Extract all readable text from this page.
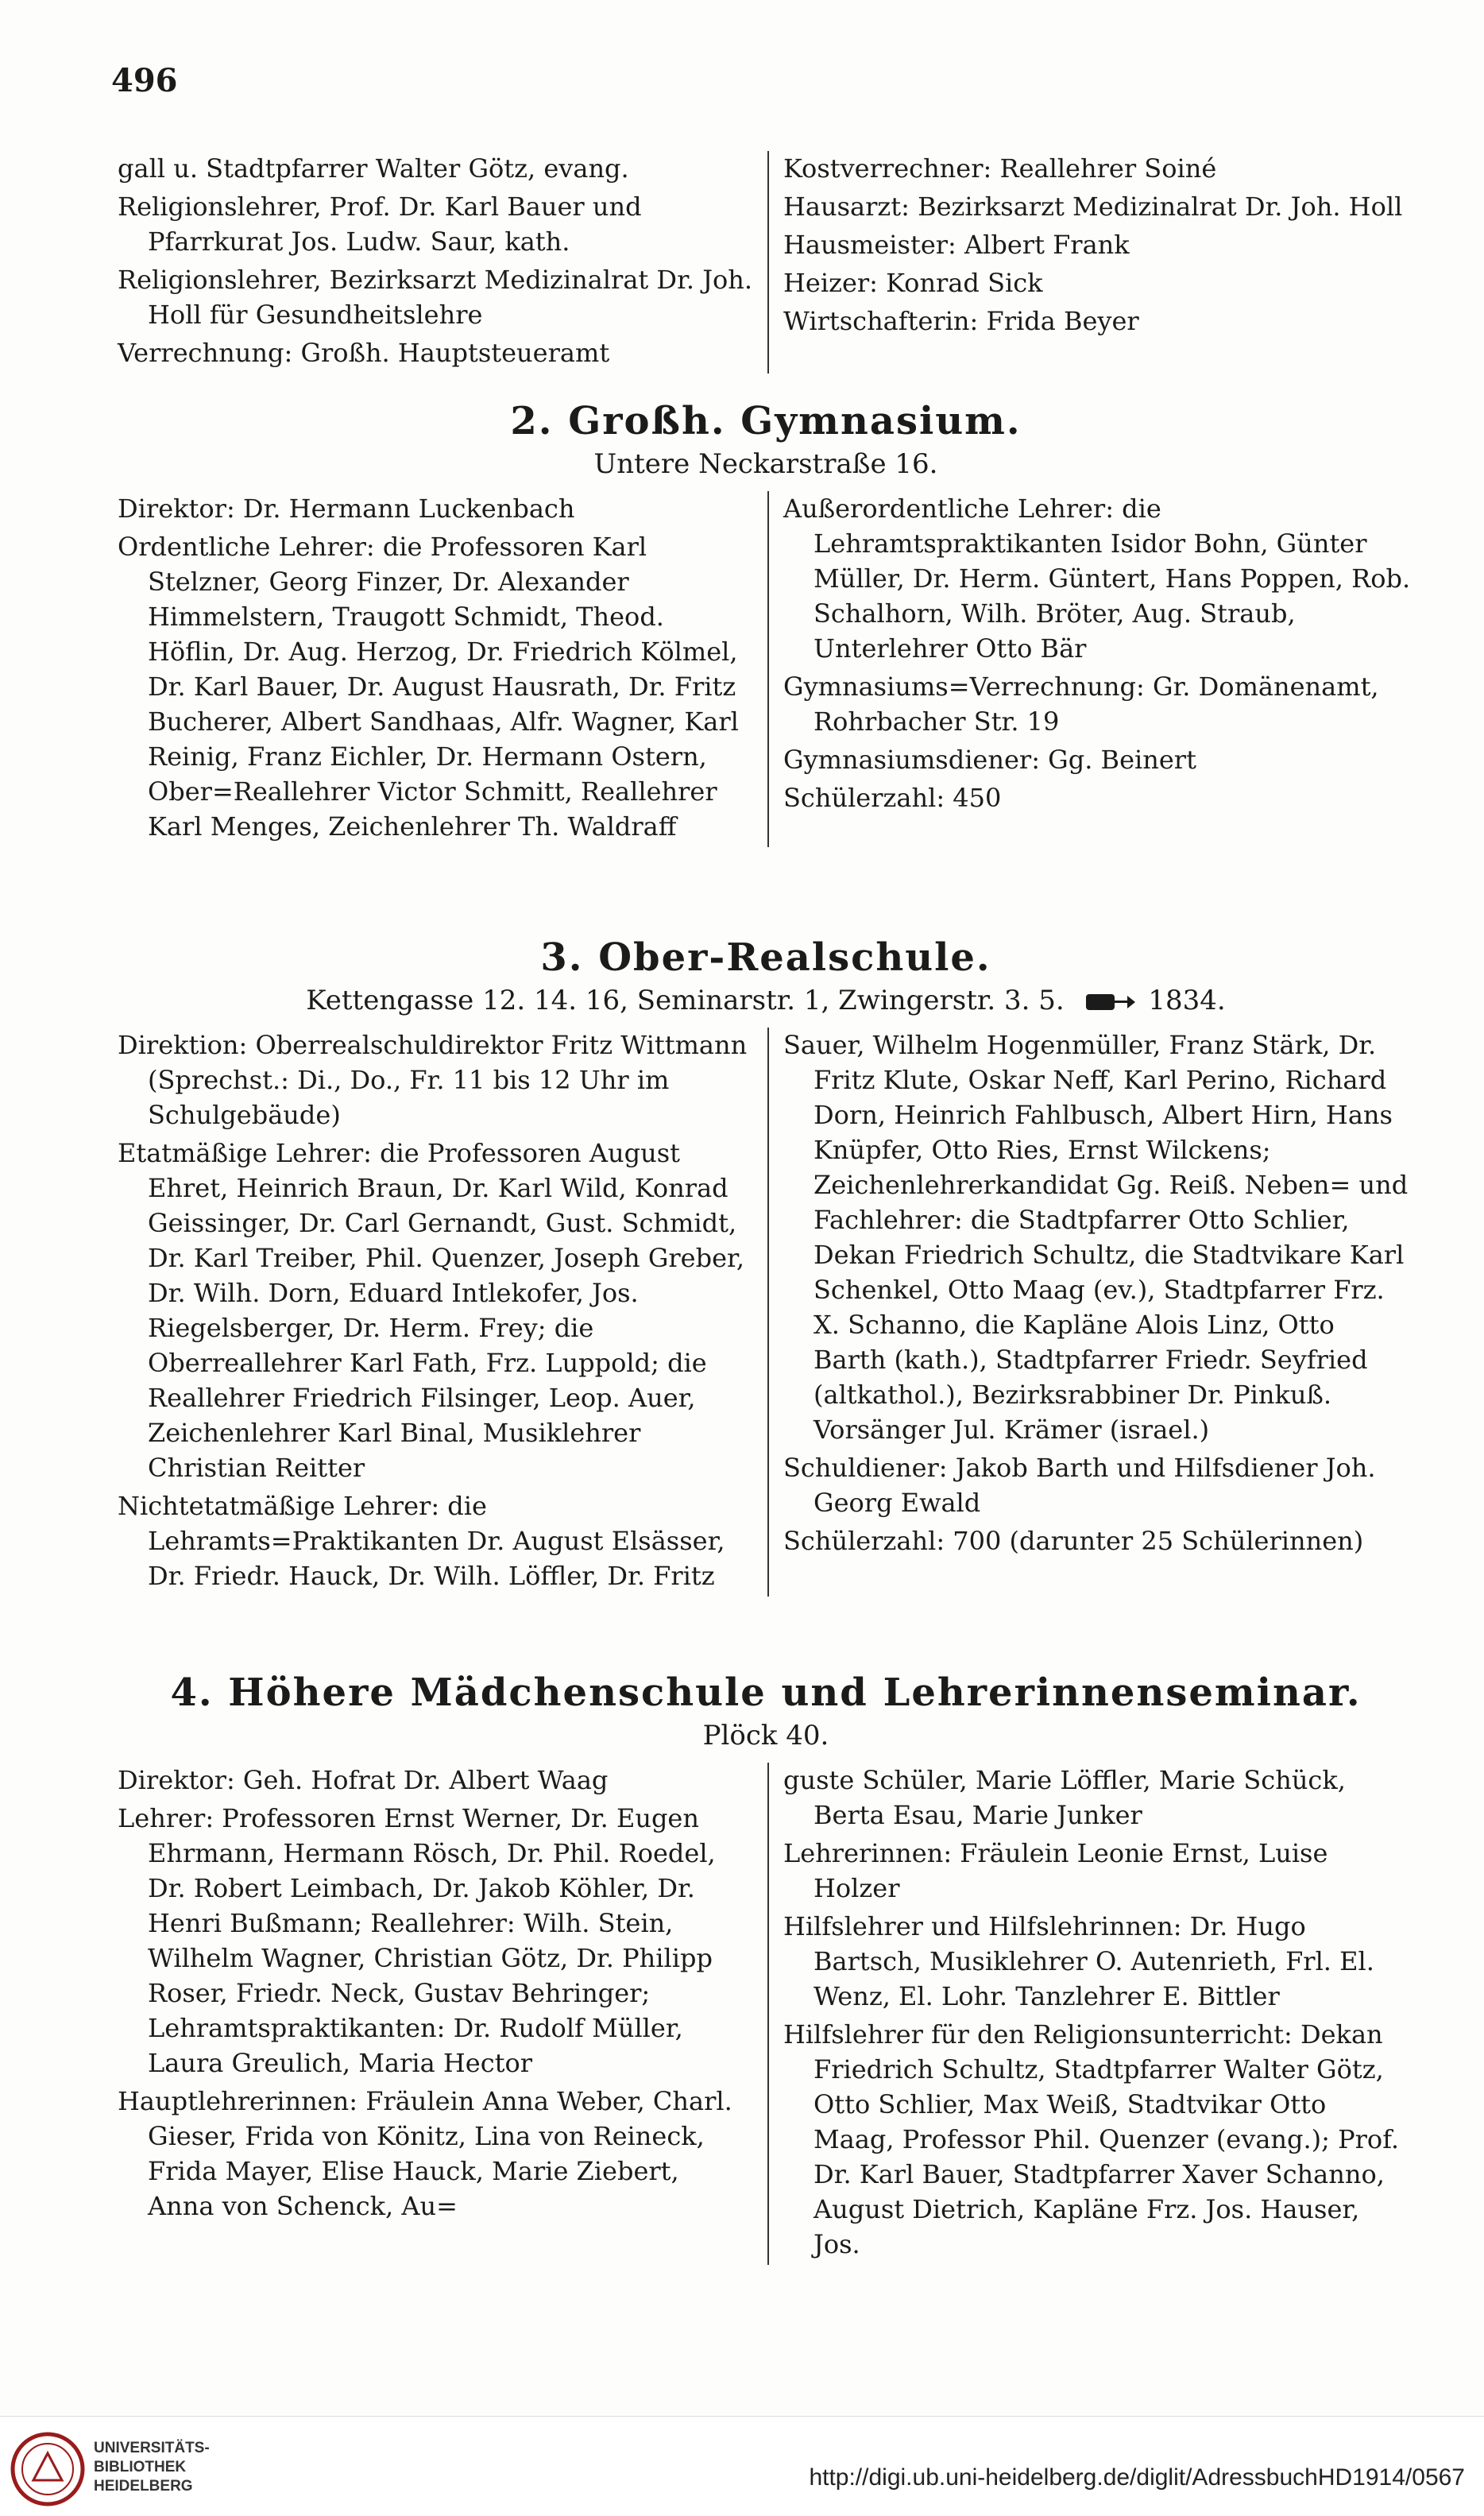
496

gall u. Stadtpfarrer Walter Götz, evang.

Religionslehrer, Prof. Dr. Karl Bauer und Pfarrkurat Jos. Ludw. Saur, kath.

Religionslehrer, Bezirksarzt Medizinalrat Dr. Joh. Holl für Gesundheitslehre

Verrechnung: Großh. Hauptsteueramt

Kostverrechner: Reallehrer Soiné

Hausarzt: Bezirksarzt Medizinalrat Dr. Joh. Holl

Hausmeister: Albert Frank

Heizer: Konrad Sick

Wirtschafterin: Frida Beyer

2. Großh. Gymnasium.

Untere Neckarstraße 16.

Direktor: Dr. Hermann Luckenbach

Ordentliche Lehrer: die Professoren Karl Stelzner, Georg Finzer, Dr. Alexander Himmelstern, Traugott Schmidt, Theod. Höflin, Dr. Aug. Herzog, Dr. Friedrich Kölmel, Dr. Karl Bauer, Dr. August Hausrath, Dr. Fritz Bucherer, Albert Sandhaas, Alfr. Wagner, Karl Reinig, Franz Eichler, Dr. Hermann Ostern, Ober=Reallehrer Victor Schmitt, Reallehrer Karl Menges, Zeichenlehrer Th. Waldraff

Außerordentliche Lehrer: die Lehramtspraktikanten Isidor Bohn, Günter Müller, Dr. Herm. Güntert, Hans Poppen, Rob. Schalhorn, Wilh. Bröter, Aug. Straub, Unterlehrer Otto Bär

Gymnasiums=Verrechnung: Gr. Domänenamt, Rohrbacher Str. 19

Gymnasiumsdiener: Gg. Beinert

Schülerzahl: 450

3. Ober-Realschule.

Kettengasse 12. 14. 16, Seminarstr. 1, Zwingerstr. 3. 5.	1834.

Direktion: Oberrealschuldirektor Fritz Wittmann (Sprechst.: Di., Do., Fr. 11 bis 12 Uhr im Schulgebäude)

Etatmäßige Lehrer: die Professoren August Ehret, Heinrich Braun, Dr. Karl Wild, Konrad Geissinger, Dr. Carl Gernandt, Gust. Schmidt, Dr. Karl Treiber, Phil. Quenzer, Joseph Greber, Dr. Wilh. Dorn, Eduard Intlekofer, Jos. Riegelsberger, Dr. Herm. Frey; die Oberreallehrer Karl Fath, Frz. Luppold; die Reallehrer Friedrich Filsinger, Leop. Auer, Zeichenlehrer Karl Binal, Musiklehrer Christian Reitter

Nichtetatmäßige Lehrer: die Lehramts=Praktikanten Dr. August Elsässer, Dr. Friedr. Hauck, Dr. Wilh. Löffler, Dr. Fritz

Sauer, Wilhelm Hogenmüller, Franz Stärk, Dr. Fritz Klute, Oskar Neff, Karl Perino, Richard Dorn, Heinrich Fahlbusch, Albert Hirn, Hans Knüpfer, Otto Ries, Ernst Wilckens; Zeichenlehrerkandidat Gg. Reiß. Neben= und Fachlehrer: die Stadtpfarrer Otto Schlier, Dekan Friedrich Schultz, die Stadtvikare Karl Schenkel, Otto Maag (ev.), Stadtpfarrer Frz. X. Schanno, die Kapläne Alois Linz, Otto Barth (kath.), Stadtpfarrer Friedr. Seyfried (altkathol.), Bezirksrabbiner Dr. Pinkuß. Vorsänger Jul. Krämer (israel.)

Schuldiener: Jakob Barth und Hilfsdiener Joh. Georg Ewald

Schülerzahl: 700 (darunter 25 Schülerinnen)

4. Höhere Mädchenschule und Lehrerinnenseminar.

Plöck 40.

Direktor: Geh. Hofrat Dr. Albert Waag

Lehrer: Professoren Ernst Werner, Dr. Eugen Ehrmann, Hermann Rösch, Dr. Phil. Roedel, Dr. Robert Leimbach, Dr. Jakob Köhler, Dr. Henri Bußmann; Reallehrer: Wilh. Stein, Wilhelm Wagner, Christian Götz, Dr. Philipp Roser, Friedr. Neck, Gustav Behringer; Lehramtspraktikanten: Dr. Rudolf Müller, Laura Greulich, Maria Hector

Hauptlehrerinnen: Fräulein Anna Weber, Charl. Gieser, Frida von Könitz, Lina von Reineck, Frida Mayer, Elise Hauck, Marie Ziebert, Anna von Schenck, Au=

guste Schüler, Marie Löffler, Marie Schück, Berta Esau, Marie Junker

Lehrerinnen: Fräulein Leonie Ernst, Luise Holzer

Hilfslehrer und Hilfslehrinnen: Dr. Hugo Bartsch, Musiklehrer O. Autenrieth, Frl. El. Wenz, El. Lohr. Tanzlehrer E. Bittler

Hilfslehrer für den Religionsunterricht: Dekan Friedrich Schultz, Stadtpfarrer Walter Götz, Otto Schlier, Max Weiß, Stadtvikar Otto Maag, Professor Phil. Quenzer (evang.); Prof. Dr. Karl Bauer, Stadtpfarrer Xaver Schanno, August Dietrich, Kapläne Frz. Jos. Hauser, Jos.

UNIVERSITÄTS-
BIBLIOTHEK
HEIDELBERG	http://digi.ub.uni-heidelberg.de/diglit/AdressbuchHD1914/0567
